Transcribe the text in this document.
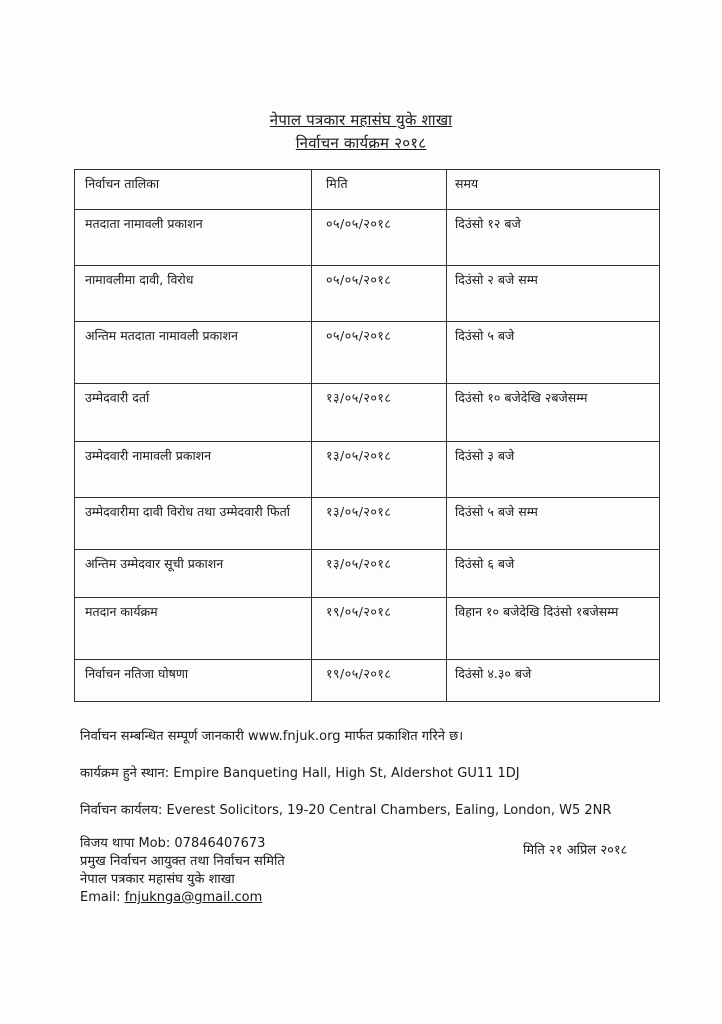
नेपाल पत्रकार महासंघ युके शाखा
निर्वाचन कार्यक्रम २०१८
निर्वाचन तालिका	मिति	समय
मतदाता नामावली प्रकाशन	०५/०५/२०१८	दिउंसो १२ बजे
नामावलीमा दावी, विरोध	०५/०५/२०१८	दिउंसो २ बजे सम्म
अन्तिम मतदाता नामावली प्रकाशन	०५/०५/२०१८	दिउंसो ५ बजे
उम्मेदवारी दर्ता	१३/०५/२०१८	दिउंसो १० बजेदेखि २बजेसम्म
उम्मेदवारी नामावली प्रकाशन	१३/०५/२०१८	दिउंसो ३ बजे
उम्मेदवारीमा दावी विरोध तथा उम्मेदवारी फिर्ता	१३/०५/२०१८	दिउंसो ५ बजे सम्म
अन्तिम उम्मेदवार सूची प्रकाशन	१३/०५/२०१८	दिउंसो ६ बजे
मतदान कार्यक्रम	१९/०५/२०१८	विहान १० बजेदेखि दिउंसो १बजेसम्म
निर्वाचन नतिजा घोषणा	१९/०५/२०१८	दिउंसो ४.३० बजे
निर्वाचन सम्बन्धित सम्पूर्ण जानकारी www.fnjuk.org मार्फत प्रकाशित गरिने छ।
कार्यक्रम हुने स्थान: Empire Banqueting Hall, High St, Aldershot GU11 1DJ
निर्वाचन कार्यलय: Everest Solicitors, 19-20 Central Chambers, Ealing, London, W5 2NR
विजय थापा Mob: 07846407673
प्रमुख निर्वाचन आयुक्त तथा निर्वाचन समिति
नेपाल पत्रकार महासंघ युके शाखा
Email: fnjuknga@gmail.com
मिति २१ अप्रिल २०१८
